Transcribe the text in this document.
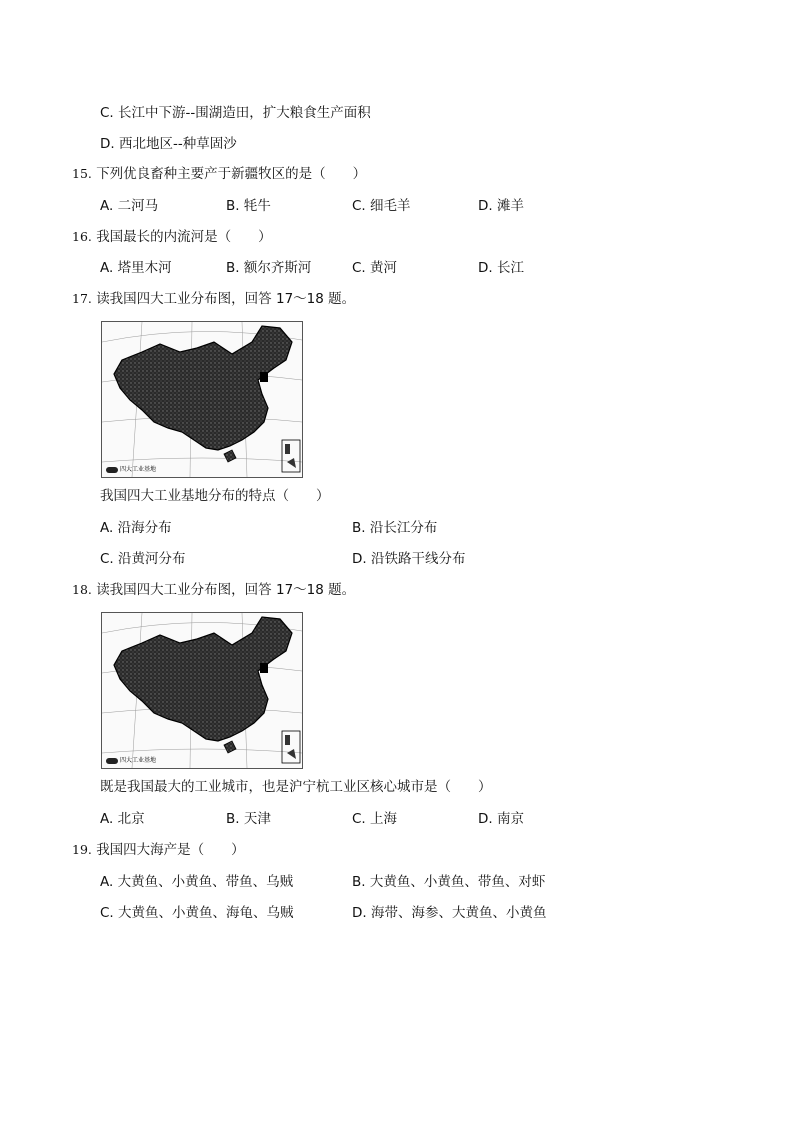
C. 长江中下游--围湖造田，扩大粮食生产面积
D. 西北地区--种草固沙
15. 下列优良畜种主要产于新疆牧区的是（　　）
A. 二河马	B. 牦牛	C. 细毛羊	D. 滩羊
16. 我国最长的内流河是（　　）
A. 塔里木河	B. 额尔齐斯河	C. 黄河	D. 长江
17. 读我国四大工业分布图，回答 17～18 题。
四大工业基地
我国四大工业基地分布的特点（　　）
A. 沿海分布	B. 沿长江分布
C. 沿黄河分布	D. 沿铁路干线分布
18. 读我国四大工业分布图，回答 17～18 题。
四大工业基地
既是我国最大的工业城市，也是沪宁杭工业区核心城市是（　　）
A. 北京	B. 天津	C. 上海	D. 南京
19. 我国四大海产是（　　）
A. 大黄鱼、小黄鱼、带鱼、乌贼	B. 大黄鱼、小黄鱼、带鱼、对虾
C. 大黄鱼、小黄鱼、海龟、乌贼	D. 海带、海参、大黄鱼、小黄鱼
